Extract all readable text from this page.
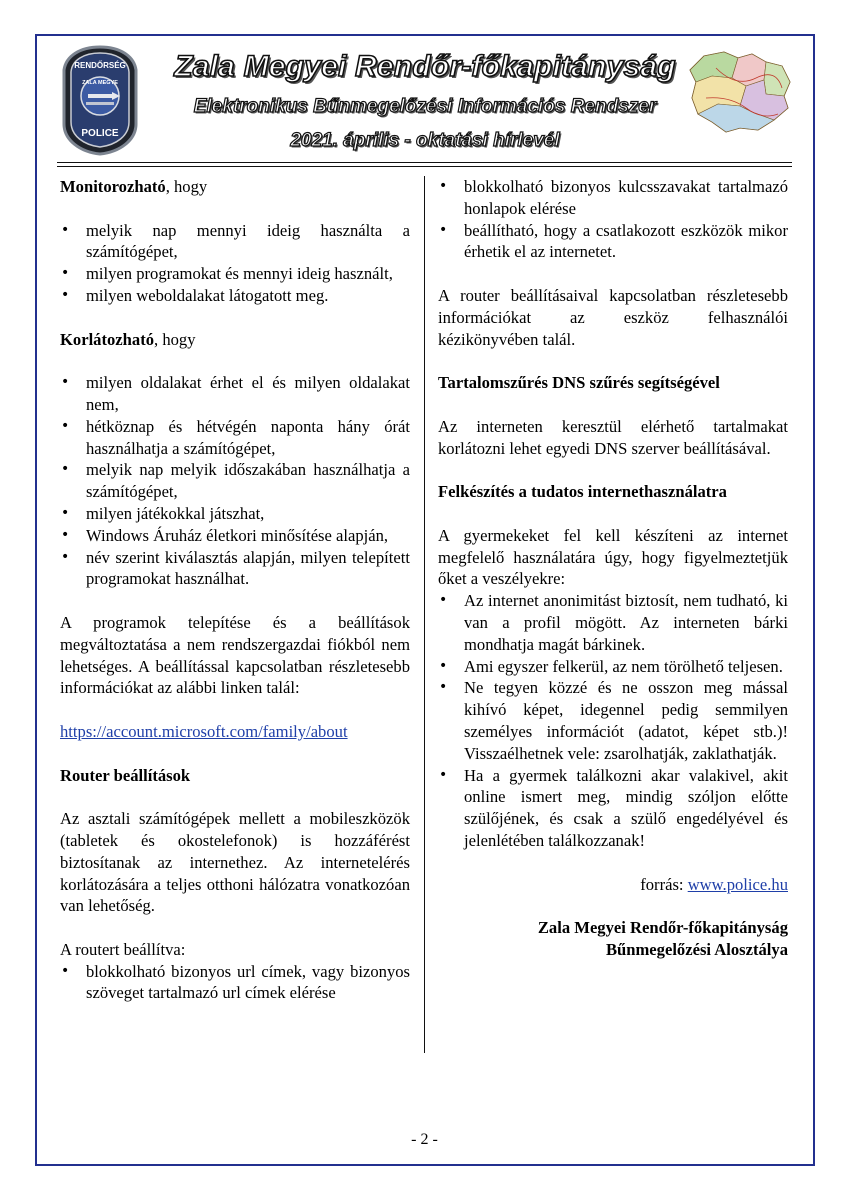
RENDŐRSÉG
ZALA MEGYE
POLICE
Zala Megyei Rendőr-főkapitányság
Elektronikus Bűnmegelőzési Információs Rendszer
2021. április - oktatási hírlevél

Monitorozható, hogy

• melyik nap mennyi ideig használta a számítógépet,
• milyen programokat és mennyi ideig használt,
• milyen weboldalakat látogatott meg.

Korlátozható, hogy

• milyen oldalakat érhet el és milyen oldalakat nem,
• hétköznap és hétvégén naponta hány órát használhatja a számítógépet,
• melyik nap melyik időszakában használhatja a számítógépet,
• milyen játékokkal játszhat,
• Windows Áruház életkori minősítése alapján,
• név szerint kiválasztás alapján, milyen telepített programokat használhat.

A programok telepítése és a beállítások megváltoztatása a nem rendszergazdai fiókból nem lehetséges. A beállítással kapcsolatban részletesebb információkat az alábbi linken talál:

https://account.microsoft.com/family/about

Router beállítások

Az asztali számítógépek mellett a mobileszközök (tabletek és okostelefonok) is hozzáférést biztosítanak az internethez. Az internetelérés korlátozására a teljes otthoni hálózatra vonatkozóan van lehetőség.

A routert beállítva:

• blokkolható bizonyos url címek, vagy bizonyos szöveget tartalmazó url címek elérése
• blokkolható bizonyos kulcsszavakat tartalmazó honlapok elérése
• beállítható, hogy a csatlakozott eszközök mikor érhetik el az internetet.

A router beállításaival kapcsolatban részletesebb információkat az eszköz felhasználói kézikönyvében talál.

Tartalomszűrés DNS szűrés segítségével

Az interneten keresztül elérhető tartalmakat korlátozni lehet egyedi DNS szerver beállításával.

Felkészítés a tudatos internethasználatra

A gyermekeket fel kell készíteni az internet megfelelő használatára úgy, hogy figyelmeztetjük őket a veszélyekre:

• Az internet anonimitást biztosít, nem tudható, ki van a profil mögött. Az interneten bárki mondhatja magát bárkinek.
• Ami egyszer felkerül, az nem törölhető teljesen.
• Ne tegyen közzé és ne osszon meg mással kihívó képet, idegennel pedig semmilyen személyes információt (adatot, képet stb.)! Visszaélhetnek vele: zsarolhatják, zaklathatják.
• Ha a gyermek találkozni akar valakivel, akit online ismert meg, mindig szóljon előtte szülőjének, és csak a szülő engedélyével és jelenlétében találkozzanak!

forrás: www.police.hu

Zala Megyei Rendőr-főkapitányság
Bűnmegelőzési Alosztálya
- 2 -
